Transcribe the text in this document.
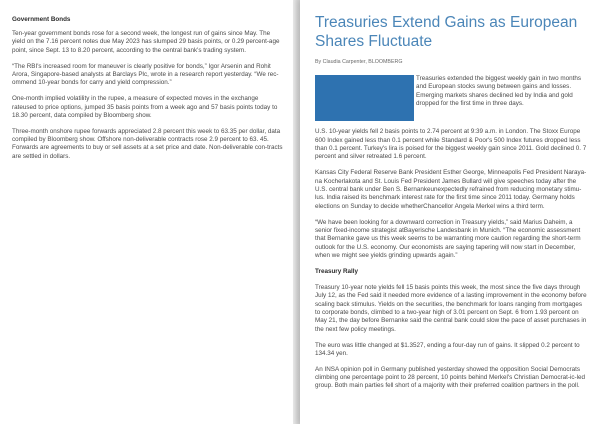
Government Bonds

Ten-year government bonds rose for a second week, the longest run of gains since May. The yield on the 7.16 percent notes due May 2023 has slumped 29 basis points, or 0.29 percent-age point, since Sept. 13 to 8.20 percent, according to the central bank's trading system.

“The RBI's increased room for maneuver is clearly positive for bonds,” Igor Arsenin and Rohit Arora, Singapore-based analysts at Barclays Plc, wrote in a research report yesterday. “We rec-ommend 10-year bonds for carry and yield compression.”

One-month implied volatility in the rupee, a measure of expected moves in the exchange rateused to price options, jumped 35 basis points from a week ago and 57 basis points today to 18.30 percent, data compiled by Bloomberg show.

Three-month onshore rupee forwards appreciated 2.8 percent this week to 63.35 per dollar, data compiled by Bloomberg show. Offshore non-deliverable contracts rose 2.9 percent to 63. 45. Forwards are agreements to buy or sell assets at a set price and date. Non-deliverable con-tracts are settled in dollars.

Treasuries Extend Gains as European Shares Fluctuate
By Claudia Carpenter, BLOOMBERG

Treasuries extended the biggest weekly gain in two months and European stocks swung between gains and losses. Emerging markets shares declined led by India and gold dropped for the first time in three days.

U.S. 10-year yields fell 2 basis points to 2.74 percent at 9:39 a.m. in London. The Stoxx Europe 600 Index gained less than 0.1 percent while Standard & Poor's 500 Index futures dropped less than 0.1 percent. Turkey's lira is poised for the biggest weekly gain since 2011. Gold declined 0. 7 percent and silver retreated 1.6 percent.

Kansas City Federal Reserve Bank President Esther George, Minneapolis Fed President Naraya-na Kocherlakota and St. Louis Fed President James Bullard will give speeches today after the U.S. central bank under Ben S. Bernankeunexpectedly refrained from reducing monetary stimu-lus. India raised its benchmark interest rate for the first time since 2011 today. Germany holds elections on Sunday to decide whetherChancellor Angela Merkel wins a third term.

“We have been looking for a downward correction in Treasury yields,” said Marius Daheim, a senior fixed-income strategist atBayerische Landesbank in Munich. “The economic assessment that Bernanke gave us this week seems to be warranting more caution regarding the short-term outlook for the U.S. economy. Our economists are saying tapering will now start in December, when we might see yields grinding upwards again.”

Treasury Rally

Treasury 10-year note yields fell 15 basis points this week, the most since the five days through July 12, as the Fed said it needed more evidence of a lasting improvement in the economy before scaling back stimulus. Yields on the securities, the benchmark for loans ranging from mortgages to corporate bonds, climbed to a two-year high of 3.01 percent on Sept. 6 from 1.93 percent on May 21, the day before Bernanke said the central bank could slow the pace of asset purchases in the next few policy meetings.

The euro was little changed at $1.3527, ending a four-day run of gains. It slipped 0.2 percent to 134.34 yen.

An INSA opinion poll in Germany published yesterday showed the opposition Social Democrats climbing one percentage point to 28 percent, 10 points behind Merkel's Christian Democrat-ic-led group. Both main parties fell short of a majority with their preferred coalition partners in the poll.
